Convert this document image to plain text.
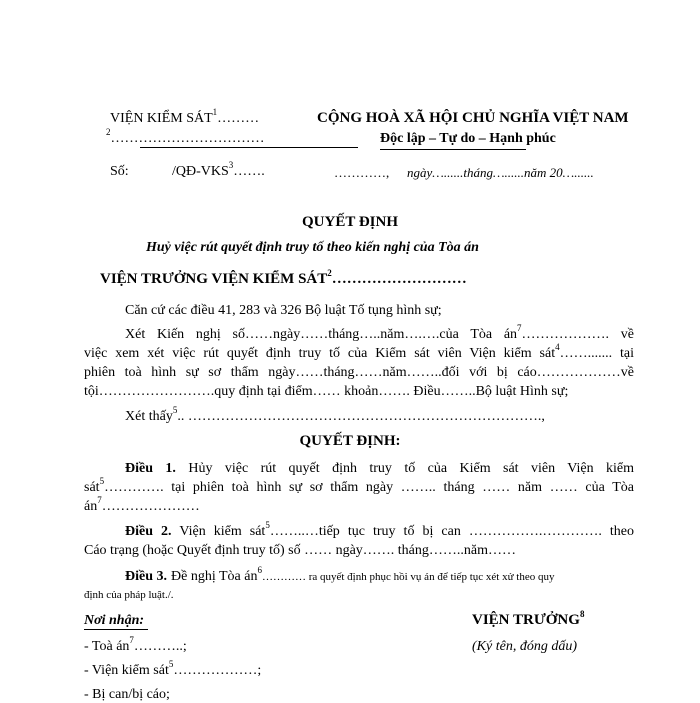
VIỆN KIỂM SÁT$^1$………
$^2$……………………………
CỘNG HOÀ XÃ HỘI CHỦ NGHĨA VIỆT NAM
Độc lập – Tự do – Hạnh phúc
Số:	/QĐ-VKS$^3$…….	…………, ngày…......tháng…......năm 20…......
QUYẾT ĐỊNH
Huỷ việc rút quyết định truy tố theo kiến nghị của Tòa án
VIỆN TRƯỞNG VIỆN KIỂM SÁT$^2$………………………
Căn cứ các điều 41, 283 và 326 Bộ luật Tố tụng hình sự;
Xét Kiến nghị số……ngày……tháng…..năm….….của Tòa $án^7\dots\dots\dots\dots\dots\dots$. về
việc xem xét việc rút quyết định truy tố của Kiểm sát viên Viện kiểm sát$^4$……....... tại
phiên toà hình sự sơ thẩm ngày……tháng……năm……..đối với bị cáo………………về
tội…………………….quy định tại điểm…… khoản……. Điều……..Bộ luật Hình sự;
Xét thấy$^5$.. ………………………………………………………………….,
QUYẾT ĐỊNH:
Điều 1. Hủy việc rút quyết định truy tố của Kiểm sát viên Viện kiểm
sát$^5$…………. tại phiên toà hình sự sơ thẩm ngày …….. tháng …… năm …… của Tòa
$án^7\dots\dots\dots\dots\dots\dots\dots$
Điều 2. Viện kiểm sát$^5$……..…tiếp tục truy tố bị can …………….…………. theo
Cáo trạng (hoặc Quyết định truy tố) số …… ngày……. tháng……..năm……
Điều 3. Đề nghị Tòa $án^6\dots\dots\dots\dots$ ra quyết định phục hồi vụ án để tiếp tục xét xử theo quy
định của pháp luật./.
Nơi nhận:
- Toà $án^7\dots\dots\dots$..;
- Viện kiểm sát$^5$………………;
- Bị can/bị cáo;
VIỆN TRƯỞNG$^8$
(Ký tên, đóng dấu)
